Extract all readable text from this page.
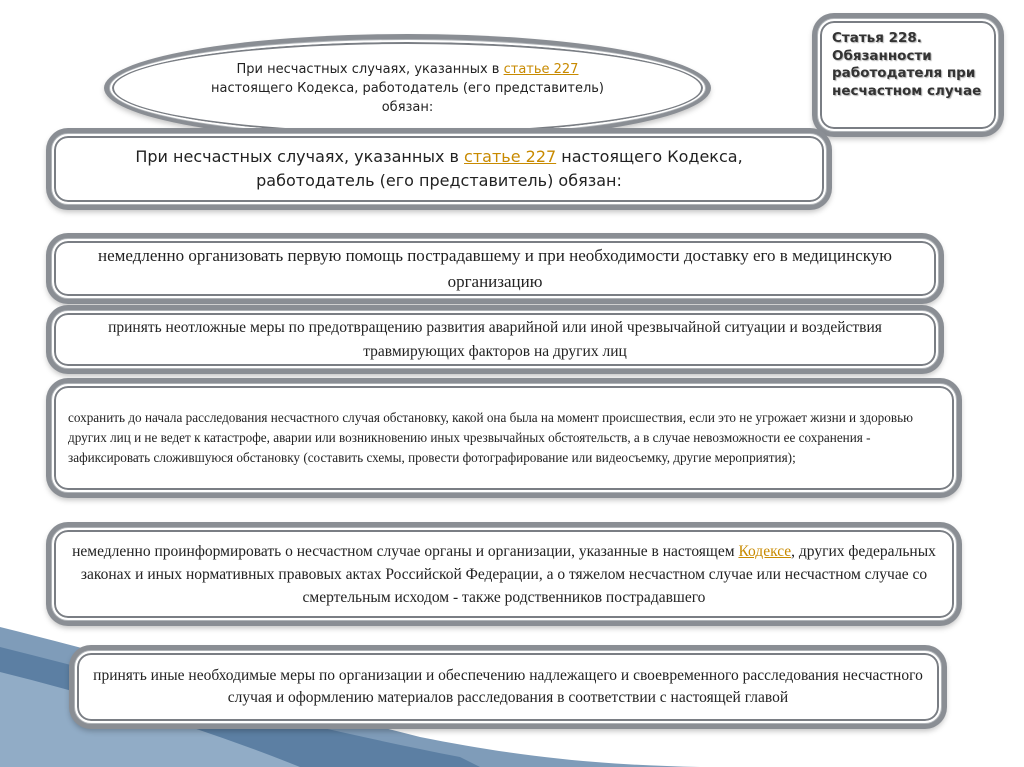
При несчастных случаях, указанных в статье 227 настоящего Кодекса, работодатель (его представитель) обязан:
Статья 228. Обязанности работодателя при несчастном случае
При несчастных случаях, указанных в статье 227 настоящего Кодекса, работодатель (его представитель) обязан:
немедленно организовать первую помощь пострадавшему и при необходимости доставку его в медицинскую организацию
принять неотложные меры по предотвращению развития аварийной или иной чрезвычайной ситуации и воздействия травмирующих факторов на других лиц
сохранить до начала расследования несчастного случая обстановку, какой она была на момент происшествия, если это не угрожает жизни и здоровью других лиц и не ведет к катастрофе, аварии или возникновению иных чрезвычайных обстоятельств, а в случае невозможности ее сохранения - зафиксировать сложившуюся обстановку (составить схемы, провести фотографирование или видеосъемку, другие мероприятия);
немедленно проинформировать о несчастном случае органы и организации, указанные в настоящем Кодексе, других федеральных законах и иных нормативных правовых актах Российской Федерации, а о тяжелом несчастном случае или несчастном случае со смертельным исходом - также родственников пострадавшего
принять иные необходимые меры по организации и обеспечению надлежащего и своевременного расследования несчастного случая и оформлению материалов расследования в соответствии с настоящей главой
